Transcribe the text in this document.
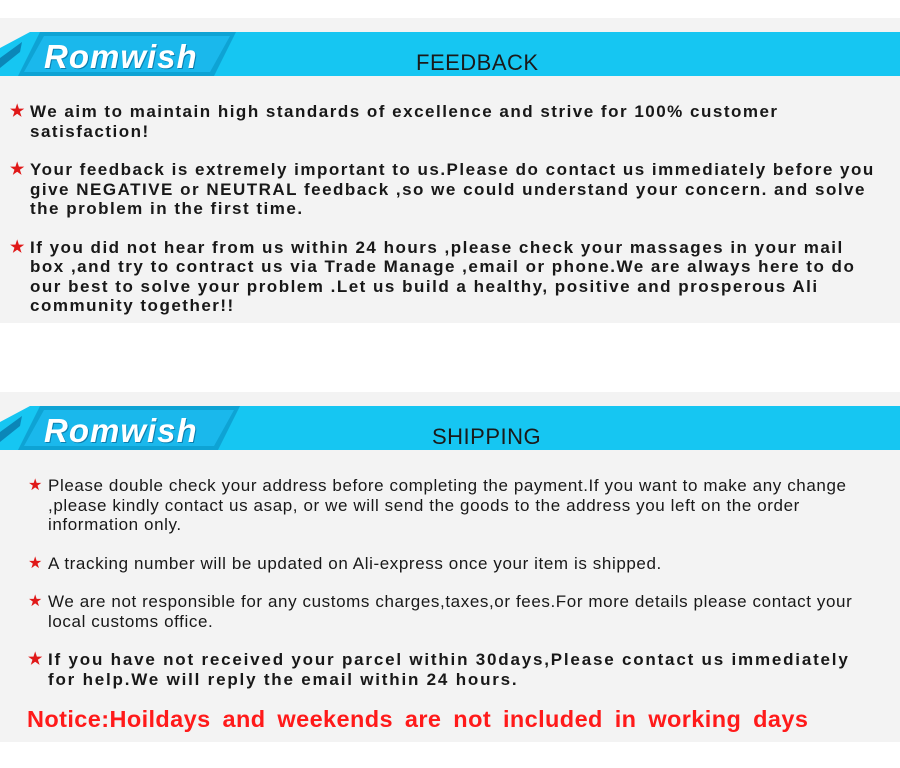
Romwish	FEEDBACK
★ We aim to maintain high standards of excellence and strive for 100% customer satisfaction!
★ Your feedback is extremely important to us.Please do contact us immediately before you give NEGATIVE or NEUTRAL feedback ,so we could understand your concern. and solve the problem in the first time.
★ If you did not hear from us within 24 hours ,please check your massages in your mail box ,and try to contract us via Trade Manage ,email or phone.We are always here to do our best to solve your problem .Let us build a healthy, positive and prosperous Ali community together!!
Romwish	SHIPPING
★ Please double check your address before completing the payment.If you want to make any change ,please kindly contact us asap, or we will send the goods to the address you left on the order information only.
★ A tracking number will be updated on Ali-express once your item is shipped.
★ We are not responsible for any customs charges,taxes,or fees.For more details please contact your local customs office.
★ If you have not received your parcel within 30days,Please contact us immediately for help.We will reply the email within 24 hours.
Notice:Hoildays and weekends are not included in working days
